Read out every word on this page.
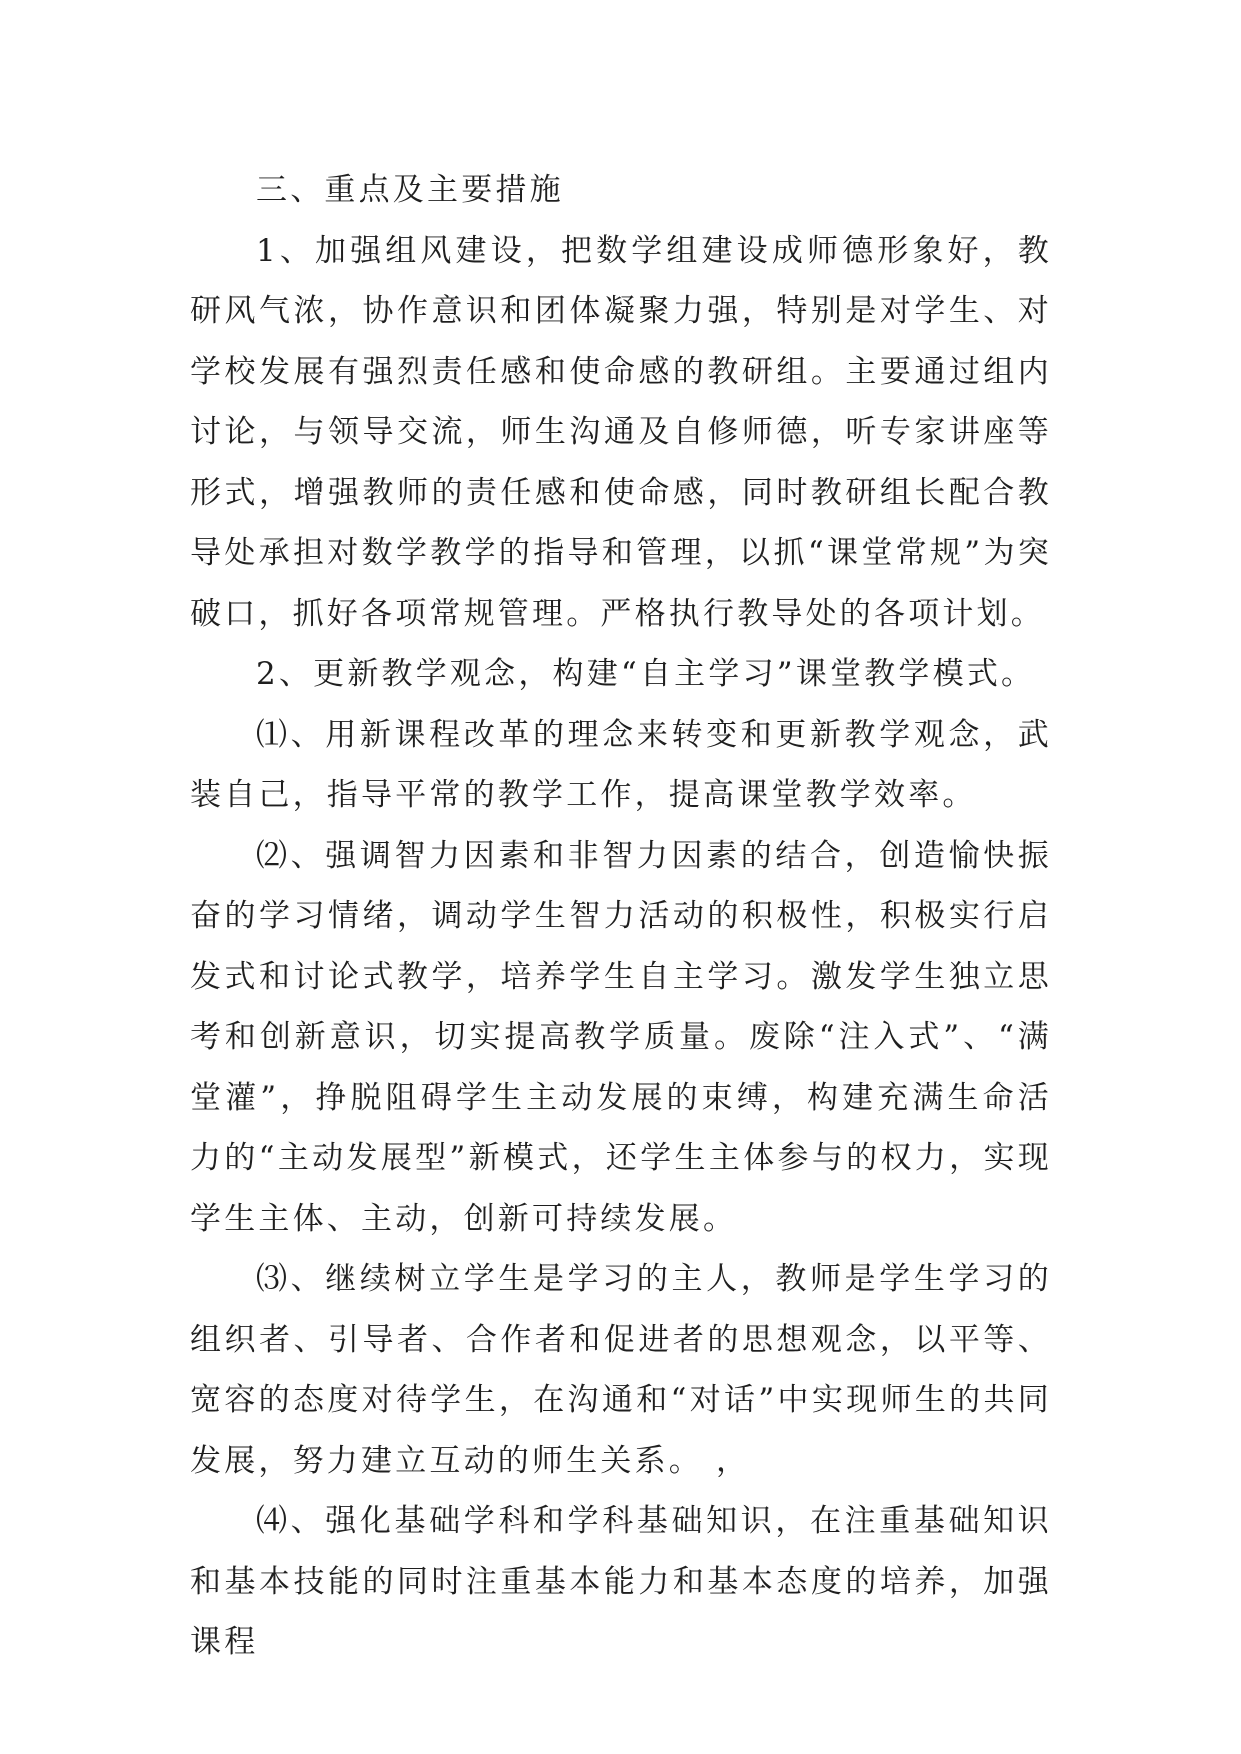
三、重点及主要措施

1、加强组风建设，把数学组建设成师德形象好，教研风气浓，协作意识和团体凝聚力强，特别是对学生、对学校发展有强烈责任感和使命感的教研组。主要通过组内讨论，与领导交流，师生沟通及自修师德，听专家讲座等形式，增强教师的责任感和使命感，同时教研组长配合教导处承担对数学教学的指导和管理，以抓“课堂常规”为突破口，抓好各项常规管理。严格执行教导处的各项计划。

2、更新教学观念，构建“自主学习”课堂教学模式。

⑴、用新课程改革的理念来转变和更新教学观念，武装自己，指导平常的教学工作，提高课堂教学效率。

⑵、强调智力因素和非智力因素的结合，创造愉快振奋的学习情绪，调动学生智力活动的积极性，积极实行启发式和讨论式教学，培养学生自主学习。激发学生独立思考和创新意识，切实提高教学质量。废除“注入式”、“满堂灌”，挣脱阻碍学生主动发展的束缚，构建充满生命活力的“主动发展型”新模式，还学生主体参与的权力，实现学生主体、主动，创新可持续发展。

⑶、继续树立学生是学习的主人，教师是学生学习的组织者、引导者、合作者和促进者的思想观念，以平等、宽容的态度对待学生，在沟通和“对话”中实现师生的共同发展，努力建立互动的师生关系。 ，

⑷、强化基础学科和学科基础知识，在注重基础知识和基本技能的同时注重基本能力和基本态度的培养，加强课程
